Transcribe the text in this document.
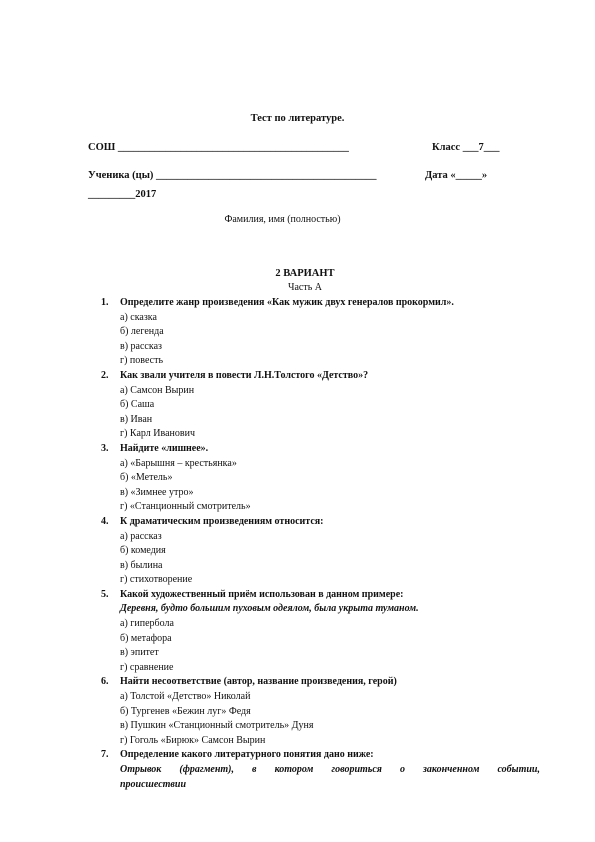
Тест по литературе.
СОШ ____________________________________________	Класс ___7___
Ученика (цы) __________________________________________	Дата «_____»
_________2017
Фамилия, имя (полностью)
2 ВАРИАНТ
Часть А
1. Определите жанр произведения «Как мужик двух генералов прокормил».
а) сказка
б) легенда
в) рассказ
г) повесть
2. Как звали учителя в повести Л.Н.Толстого «Детство»?
а) Самсон Вырин
б) Саша
в) Иван
г) Карл Иванович
3. Найдите «лишнее».
а) «Барышня – крестьянка»
б) «Метель»
в) «Зимнее утро»
г) «Станционный смотритель»
4. К драматическим произведениям относится:
а) рассказ
б) комедия
в) былина
г) стихотворение
5. Какой художественный приём использован в данном примере:
Деревня, будто большим пуховым одеялом, была укрыта туманом.
а) гипербола
б) метафора
в) эпитет
г) сравнение
6. Найти несоответствие (автор, название произведения, герой)
а) Толстой «Детство» Николай
б) Тургенев «Бежин луг» Федя
в) Пушкин «Станционный смотритель» Дуня
г) Гоголь «Бирюк» Самсон Вырин
7. Определение какого литературного понятия дано ниже:
Отрывок (фрагмент), в котором говориться о законченном событии,
происшествии
